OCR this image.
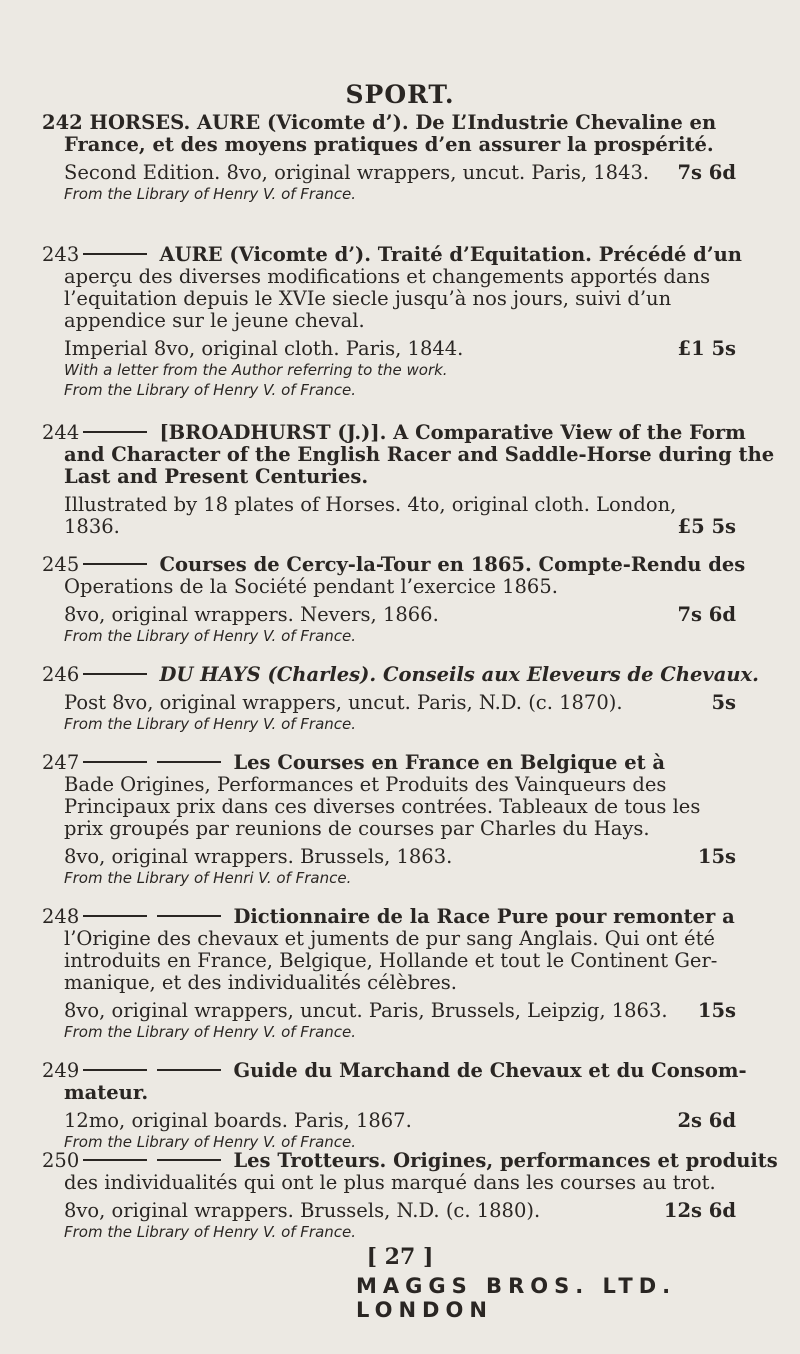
SPORT.
242 HORSES. AURE (Vicomte d’). De L’Industrie Chevaline en
France, et des moyens pratiques d’en assurer la prospérité.
Second Edition. 8vo, original wrappers, uncut. Paris, 1843. 7s 6d
From the Library of Henry V. of France.
243	AURE (Vicomte d’). Traité d’Equitation. Précédé d’un
aperçu des diverses modifications et changements apportés dans
l’equitation depuis le XVIe siecle jusqu’à nos jours, suivi d’un
appendice sur le jeune cheval.
Imperial 8vo, original cloth. Paris, 1844.	£1 5s
With a letter from the Author referring to the work.
From the Library of Henry V. of France.
244	[BROADHURST (J.)]. A Comparative View of the Form
and Character of the English Racer and Saddle-Horse during the
Last and Present Centuries.
Illustrated by 18 plates of Horses. 4to, original cloth. London,
1836.	£5 5s
245	Courses de Cercy-la-Tour en 1865. Compte-Rendu des
Operations de la Société pendant l’exercice 1865.
8vo, original wrappers. Nevers, 1866.	7s 6d
From the Library of Henry V. of France.
246	DU HAYS (Charles). Conseils aux Eleveurs de Chevaux.
Post 8vo, original wrappers, uncut. Paris, N.D. (c. 1870).	5s
From the Library of Henry V. of France.
247	Les Courses en France en Belgique et à
Bade Origines, Performances et Produits des Vainqueurs des
Principaux prix dans ces diverses contrées. Tableaux de tous les
prix groupés par reunions de courses par Charles du Hays.
8vo, original wrappers. Brussels, 1863.	15s
From the Library of Henri V. of France.
248	Dictionnaire de la Race Pure pour remonter a
l’Origine des chevaux et juments de pur sang Anglais. Qui ont été
introduits en France, Belgique, Hollande et tout le Continent Ger-
manique, et des individualités célèbres.
8vo, original wrappers, uncut. Paris, Brussels, Leipzig, 1863. 15s
From the Library of Henry V. of France.
249	Guide du Marchand de Chevaux et du Consom-
mateur.
12mo, original boards. Paris, 1867.	2s 6d
From the Library of Henry V. of France.
250	Les Trotteurs. Origines, performances et produits
des individualités qui ont le plus marqué dans les courses au trot.
8vo, original wrappers. Brussels, N.D. (c. 1880).	12s 6d
From the Library of Henry V. of France.
[ 27 ]
MAGGS BROS. LTD. LONDON
